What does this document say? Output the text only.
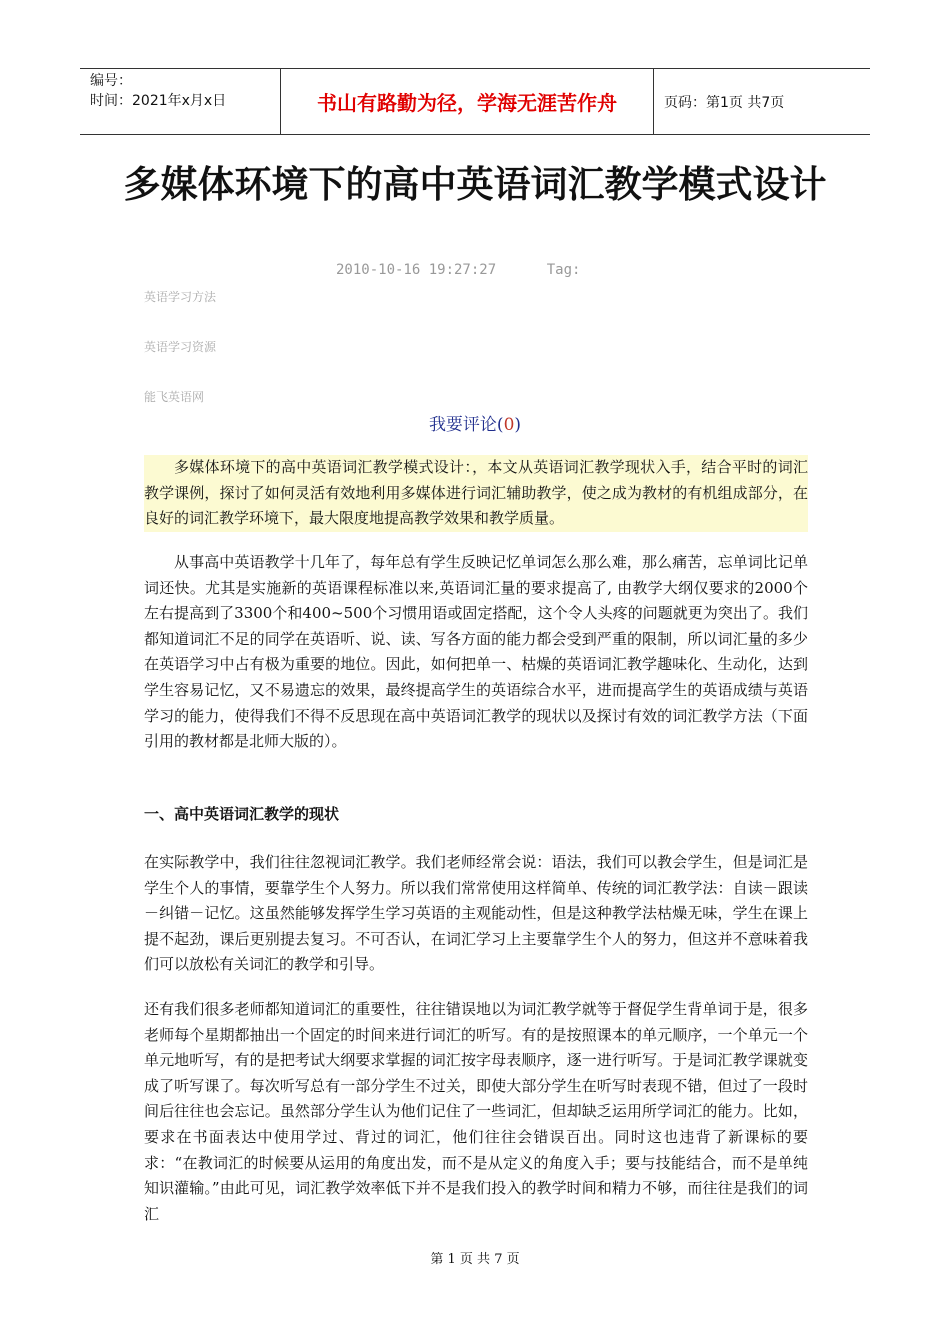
编号：
时间：2021年x月x日	书山有路勤为径，学海无涯苦作舟	页码：第1页 共7页
多媒体环境下的高中英语词汇教学模式设计
2010-10-16 19:27:27      Tag:
英语学习方法
英语学习资源
能飞英语网
我要评论(0)

多媒体环境下的高中英语词汇教学模式设计：，本文从英语词汇教学现状入手，结合平时的词汇教学课例，探讨了如何灵活有效地利用多媒体进行词汇辅助教学，使之成为教材的有机组成部分，在良好的词汇教学环境下，最大限度地提高教学效果和教学质量。

从事高中英语教学十几年了，每年总有学生反映记忆单词怎么那么难，那么痛苦，忘单词比记单词还快。尤其是实施新的英语课程标准以来,英语词汇量的要求提高了, 由教学大纲仅要求的2000个左右提高到了3300个和400~500个习惯用语或固定搭配，这个令人头疼的问题就更为突出了。我们都知道词汇不足的同学在英语听、说、读、写各方面的能力都会受到严重的限制，所以词汇量的多少在英语学习中占有极为重要的地位。因此，如何把单一、枯燥的英语词汇教学趣味化、生动化，达到学生容易记忆，又不易遗忘的效果，最终提高学生的英语综合水平，进而提高学生的英语成绩与英语学习的能力，使得我们不得不反思现在高中英语词汇教学的现状以及探讨有效的词汇教学方法（下面引用的教材都是北师大版的）。

一、高中英语词汇教学的现状

在实际教学中，我们往往忽视词汇教学。我们老师经常会说：语法，我们可以教会学生，但是词汇是学生个人的事情，要靠学生个人努力。所以我们常常使用这样简单、传统的词汇教学法：自读－跟读－纠错－记忆。这虽然能够发挥学生学习英语的主观能动性，但是这种教学法枯燥无味，学生在课上提不起劲，课后更别提去复习。不可否认，在词汇学习上主要靠学生个人的努力，但这并不意味着我们可以放松有关词汇的教学和引导。

还有我们很多老师都知道词汇的重要性，往往错误地以为词汇教学就等于督促学生背单词于是，很多老师每个星期都抽出一个固定的时间来进行词汇的听写。有的是按照课本的单元顺序，一个单元一个单元地听写，有的是把考试大纲要求掌握的词汇按字母表顺序，逐一进行听写。于是词汇教学课就变成了听写课了。每次听写总有一部分学生不过关，即使大部分学生在听写时表现不错，但过了一段时间后往往也会忘记。虽然部分学生认为他们记住了一些词汇，但却缺乏运用所学词汇的能力。比如，要求在书面表达中使用学过、背过的词汇，他们往往会错误百出。同时这也违背了新课标的要求：“在教词汇的时候要从运用的角度出发，而不是从定义的角度入手；要与技能结合，而不是单纯知识灌输。”由此可见，词汇教学效率低下并不是我们投入的教学时间和精力不够，而往往是我们的词汇

第 1 页 共 7 页
